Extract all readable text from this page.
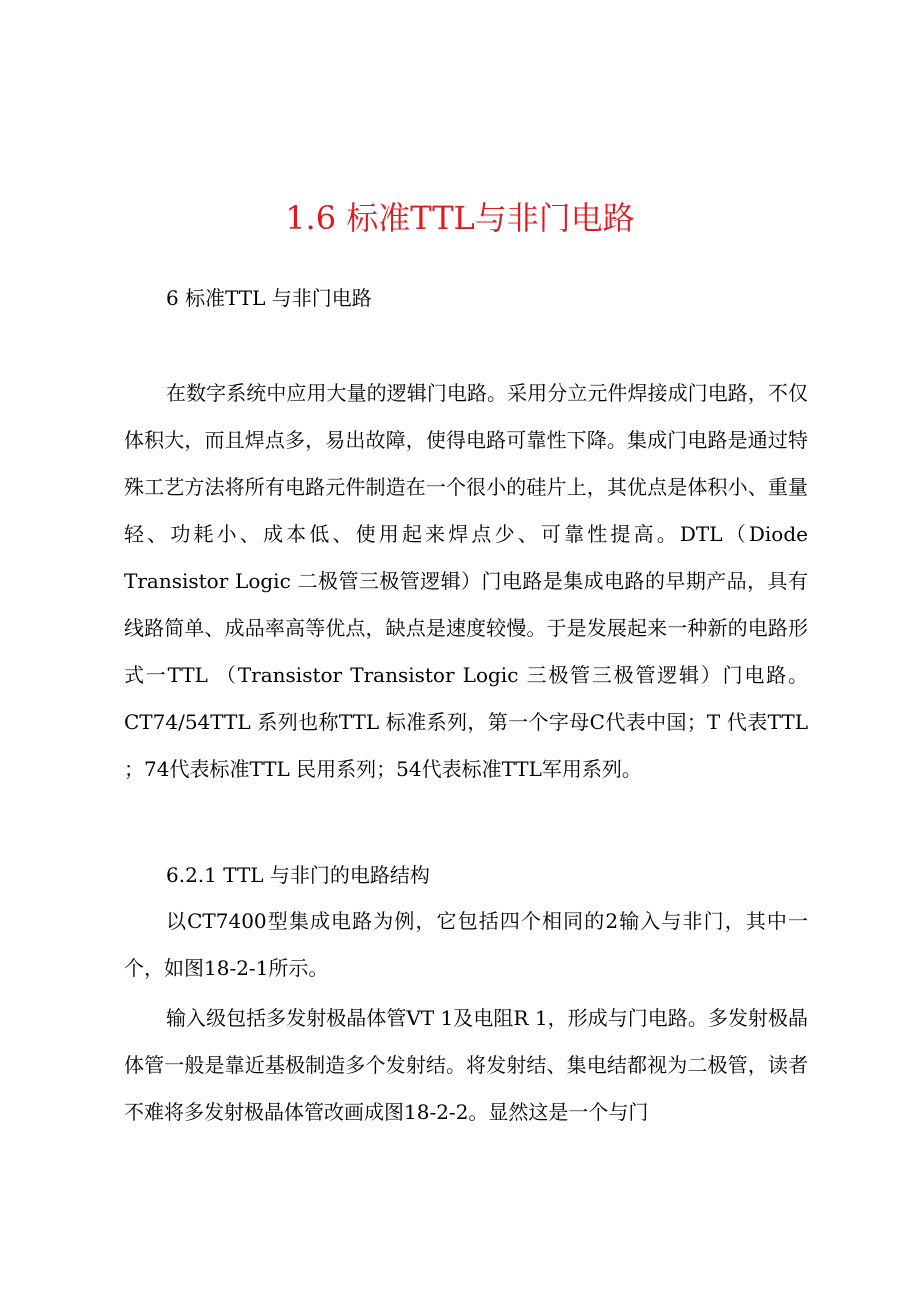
1.6 标准TTL与非门电路
6 标准TTL 与非门电路

在数字系统中应用大量的逻辑门电路。采用分立元件焊接成门电路，不仅体积大，而且焊点多，易出故障，使得电路可靠性下降。集成门电路是通过特殊工艺方法将所有电路元件制造在一个很小的硅片上，其优点是体积小、重量轻、功耗小、成本低、使用起来焊点少、可靠性提高。DTL（Diode Transistor Logic 二极管三极管逻辑）门电路是集成电路的早期产品，具有线路简单、成品率高等优点，缺点是速度较慢。于是发展起来一种新的电路形式一TTL （Transistor Transistor Logic 三极管三极管逻辑）门电路。CT74/54TTL 系列也称TTL 标准系列，第一个字母C代表中国；T 代表TTL ；74代表标准TTL 民用系列；54代表标准TTL军用系列。

6.2.1 TTL 与非门的电路结构

以CT7400型集成电路为例，它包括四个相同的2输入与非门，其中一个，如图18-2-1所示。

输入级包括多发射极晶体管VT 1及电阻R 1，形成与门电路。多发射极晶体管一般是靠近基极制造多个发射结。将发射结、集电结都视为二极管，读者不难将多发射极晶体管改画成图18-2-2。显然这是一个与门
